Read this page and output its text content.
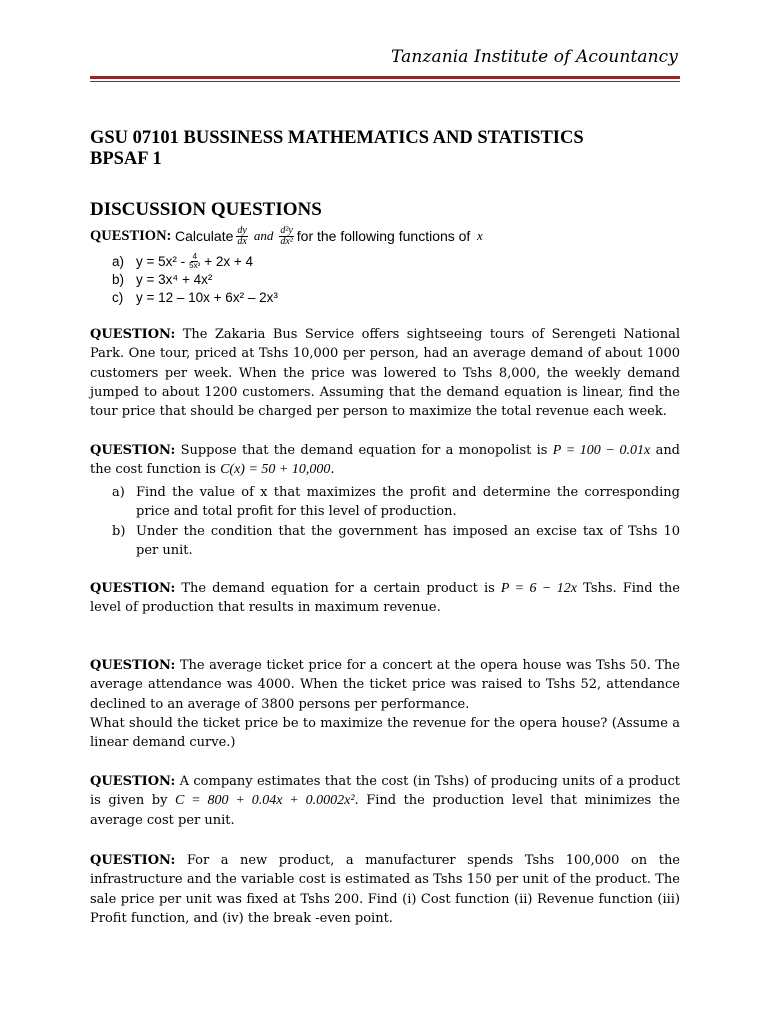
Tanzania Institute of Acountancy
GSU 07101 BUSSINESS MATHEMATICS AND STATISTICS
BPSAF 1
DISCUSSION QUESTIONS
QUESTION:
Calculate $\frac{dy}{dx}$ and $\frac{\text{d²y}}{\text{dx²}}$ for the following functions of
x
a) y = 5x² - 4
5x³ + 2x + 4
b) y = 3x⁴ + 4x²
c) y = 12 – 10x + 6x² – 2x³
QUESTION: The Zakaria Bus Service offers sightseeing tours of Serengeti National Park. One tour, priced at Tshs 10,000 per person, had an average demand of about 1000 customers per week. When the price was lowered to Tshs 8,000, the weekly demand jumped to about 1200 customers. Assuming that the demand equation is linear, find the tour price that should be charged per person to maximize the total revenue each week.
QUESTION: Suppose that the demand equation for a monopolist is P = 100 − 0.01x and the cost function is C(x) = 50 + 10,000.
a) Find the value of x that maximizes the profit and determine the corresponding price and total profit for this level of production.
b) Under the condition that the government has imposed an excise tax of Tshs 10 per unit.
QUESTION: The demand equation for a certain product is P = 6 − 12x Tshs. Find the level of production that results in maximum revenue.
QUESTION: The average ticket price for a concert at the opera house was Tshs 50. The average attendance was 4000. When the ticket price was raised to Tshs 52, attendance declined to an average of 3800 persons per performance.
What should the ticket price be to maximize the revenue for the opera house? (Assume a linear demand curve.)
QUESTION: A company estimates that the cost (in Tshs) of producing units of a product is given by C = 800 + 0.04x + 0.0002x². Find the production level that minimizes the average cost per unit.
QUESTION: For a new product, a manufacturer spends Tshs 100,000 on the infrastructure and the variable cost is estimated as Tshs 150 per unit of the product. The sale price per unit was fixed at Tshs 200. Find (i) Cost function (ii) Revenue function (iii) Profit function, and (iv) the break -even point.
